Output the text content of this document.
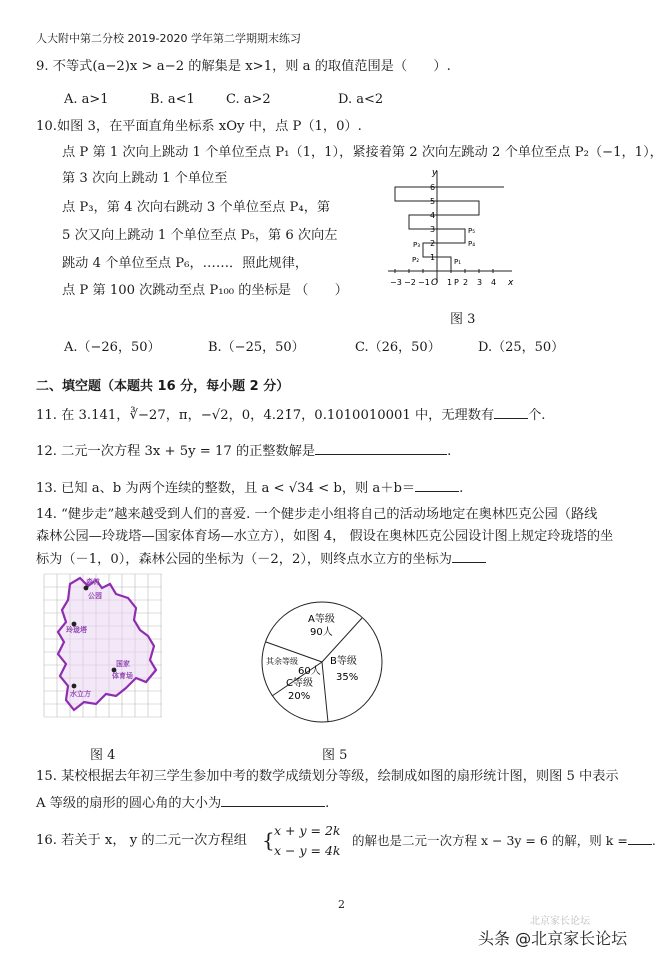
人大附中第二分校 2019-2020 学年第二学期期末练习
9. 不等式(a−2)x > a−2 的解集是 x>1，则 a 的取值范围是（　　）.
A. a>1	B. a<1 C. a>2	D. a<2
10.如图 3，在平面直角坐标系 xOy 中，点 P（1，0）.
点 P 第 1 次向上跳动 1 个单位至点 P₁（1，1），紧接着第 2 次向左跳动 2 个单位至点 P₂（−1，1），
第 3 次向上跳动 1 个单位至
点 P₃，第 4 次向右跳动 3 个单位至点 P₄，第
5 次又向上跳动 1 个单位至点 P₅，第 6 次向左
跳动 4 个单位至点 P₆，……．照此规律，
点 P 第 100 次跳动至点 P₁₀₀ 的坐标是 （　　）
−3 −2 −1 O 1 P 2 3 4 x
1
2
3
4
5
6
y
P₁
P₂
P₃	P₄
P₅
图 3
A.（−26，50）	B.（−25，50）	C.（26，50）	D.（25，50）
二、填空题（本题共 16 分，每小题 2 分）
11. 在 3.141，∛−27，π，−√2，0，4.21̇7̇，0.1010010001 中，无理数有	个.
12. 二元一次方程 3x + 5y = 17 的正整数解是	.
13. 已知 a、b 为两个连续的整数，且 a < √34 < b，则 a＋b＝	.
14. “健步走”越来越受到人们的喜爱. 一个健步走小组将自己的活动场地定在奥林匹克公园（路线
森林公园—玲珑塔—国家体育场—水立方），如图 4， 假设在奥林匹克公园设计图上规定玲珑塔的坐
标为（－1，0），森林公园的坐标为（－2，2），则终点水立方的坐标为
森林
公园
玲珑塔
国家
体育场
水立方
图 4
A等级
90人
其余等级
60人
B等级
35%
C等级
20%
图 5
15. 某校根据去年初三学生参加中考的数学成绩划分等级，绘制成如图的扇形统计图，则图 5 中表示
A 等级的扇形的圆心角的大小为	.
16. 若关于 x， y 的二元一次方程组 { x + y = 2k
x − y = 4k
的解也是二元一次方程 x − 3y = 6 的解，则 k = .
2
北京家长论坛
头条 @北京家长论坛
